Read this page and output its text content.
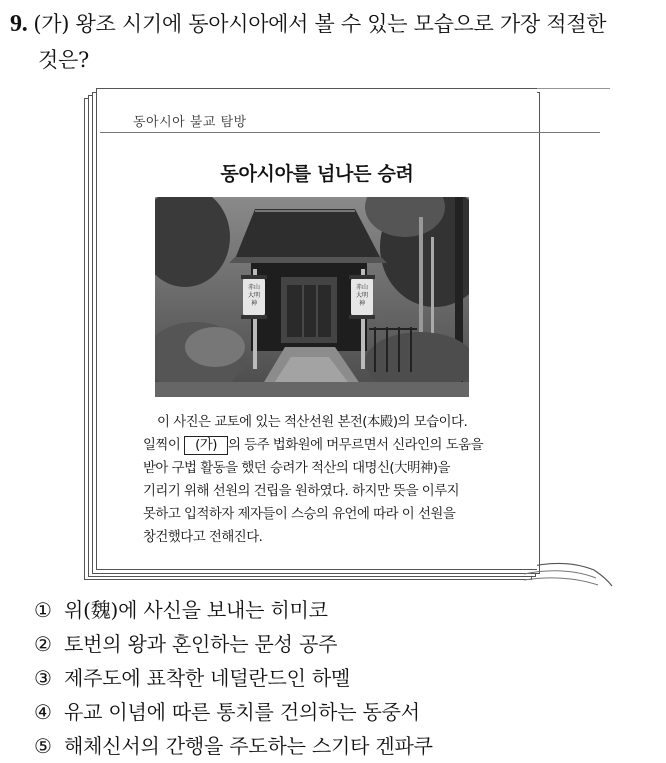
9. (가) 왕조 시기에 동아시아에서 볼 수 있는 모습으로 가장 적절한
것은?
동아시아 불교 탐방
동아시아를 넘나든 승려
赤山大明神
赤山大明神
이 사진은 교토에 있는 적산선원 본전(本殿)의 모습이다.
일찍이 (가) 의 등주 법화원에 머무르면서 신라인의 도움을
받아 구법 활동을 했던 승려가 적산의 대명신(大明神)을
기리기 위해 선원의 건립을 원하였다. 하지만 뜻을 이루지
못하고 입적하자 제자들이 스승의 유언에 따라 이 선원을
창건했다고 전해진다.
① 위(魏)에 사신을 보내는 히미코
② 토번의 왕과 혼인하는 문성 공주
③ 제주도에 표착한 네덜란드인 하멜
④ 유교 이념에 따른 통치를 건의하는 동중서
⑤ 해체신서의 간행을 주도하는 스기타 겐파쿠
